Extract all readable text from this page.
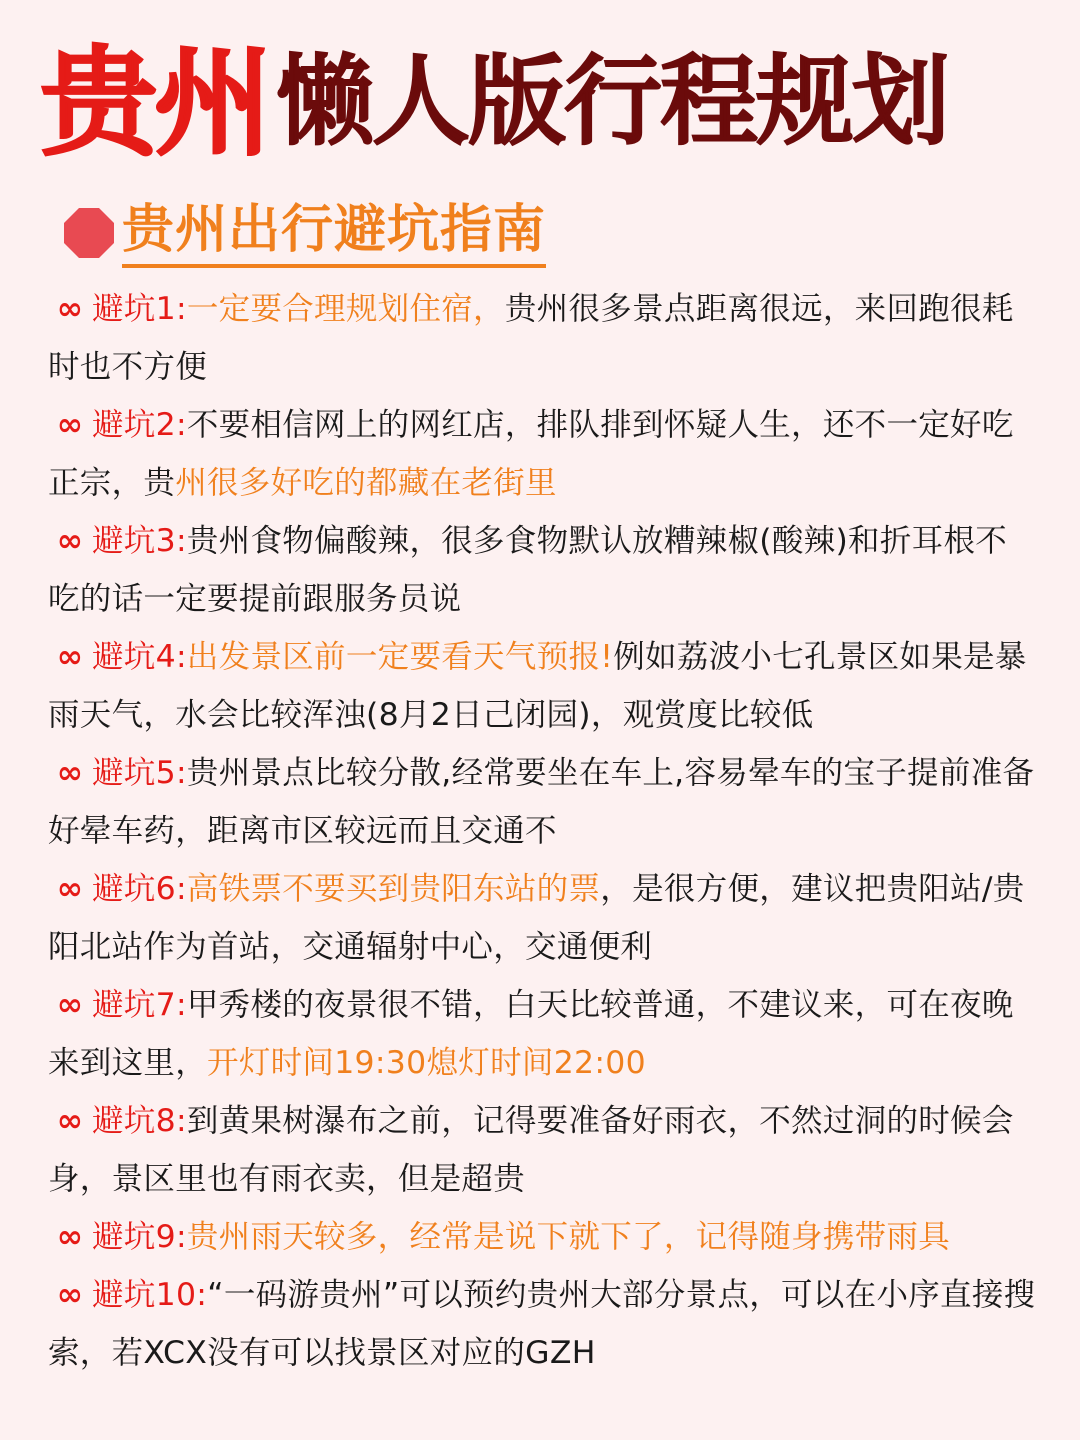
贵州 懒人版行程规划
贵州出行避坑指南

∞ 避坑1:一定要合理规划住宿，贵州很多景点距离很远，来回跑很耗时也不方便

∞ 避坑2:不要相信网上的网红店，排队排到怀疑人生，还不一定好吃正宗，贵州很多好吃的都藏在老街里

∞ 避坑3:贵州食物偏酸辣，很多食物默认放糟辣椒(酸辣)和折耳根不吃的话一定要提前跟服务员说

∞ 避坑4:出发景区前一定要看天气预报!例如荔波小七孔景区如果是暴雨天气，水会比较浑浊(8月2日己闭园)，观赏度比较低

∞ 避坑5:贵州景点比较分散,经常要坐在车上,容易晕车的宝子提前准备好晕车药，距离市区较远而且交通不

∞ 避坑6:高铁票不要买到贵阳东站的票，是很方便，建议把贵阳站/贵阳北站作为首站，交通辐射中心，交通便利

∞ 避坑7:甲秀楼的夜景很不错，白天比较普通，不建议来，可在夜晚来到这里，开灯时间19:30熄灯时间22:00

∞ 避坑8:到黄果树瀑布之前，记得要准备好雨衣，不然过洞的时候会身，景区里也有雨衣卖，但是超贵

∞ 避坑9:贵州雨天较多，经常是说下就下了，记得随身携带雨具

∞ 避坑10:“一码游贵州”可以预约贵州大部分景点，可以在小序直接搜索，若XCX没有可以找景区对应的GZH
